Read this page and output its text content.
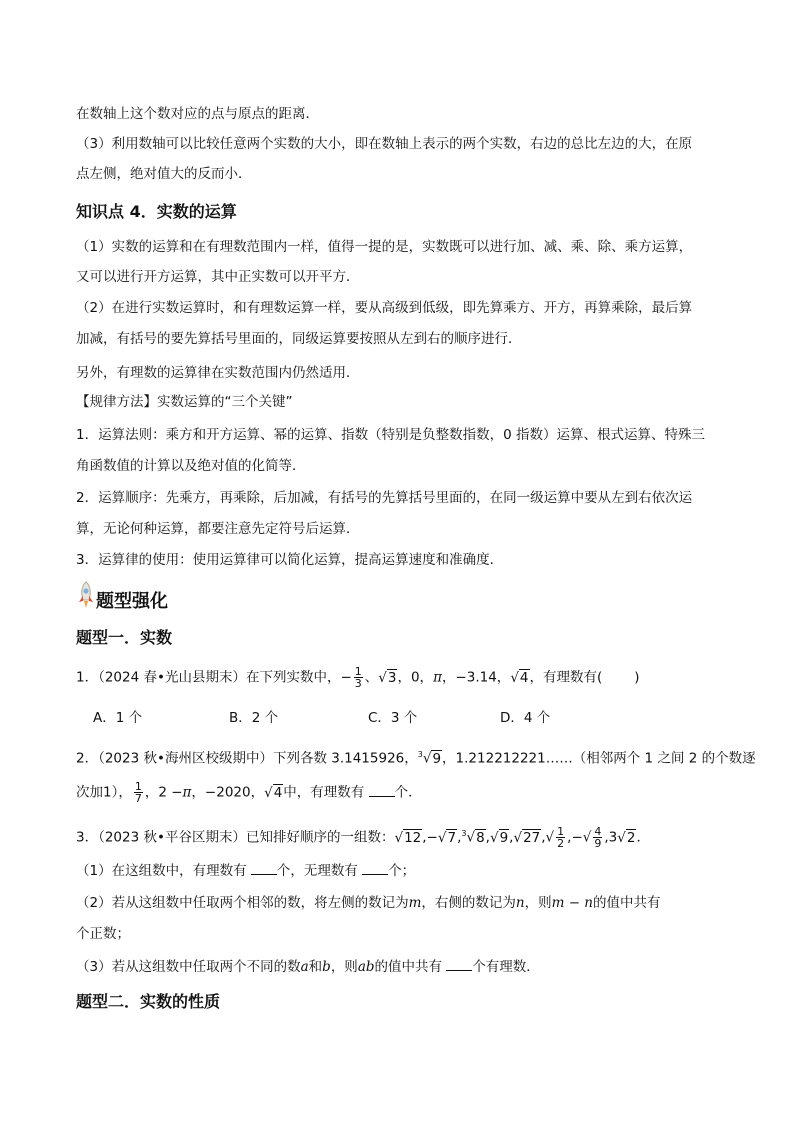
在数轴上这个数对应的点与原点的距离．
（3）利用数轴可以比较任意两个实数的大小，即在数轴上表示的两个实数，右边的总比左边的大，在原
点左侧，绝对值大的反而小．
知识点 4．实数的运算
（1）实数的运算和在有理数范围内一样，值得一提的是，实数既可以进行加、减、乘、除、乘方运算，
又可以进行开方运算，其中正实数可以开平方．
（2）在进行实数运算时，和有理数运算一样，要从高级到低级，即先算乘方、开方，再算乘除，最后算
加减，有括号的要先算括号里面的，同级运算要按照从左到右的顺序进行．
另外，有理数的运算律在实数范围内仍然适用．
【规律方法】实数运算的“三个关键”
1．运算法则：乘方和开方运算、幂的运算、指数（特别是负整数指数，0 指数）运算、根式运算、特殊三
角函数值的计算以及绝对值的化简等．
2．运算顺序：先乘方，再乘除，后加减，有括号的先算括号里面的，在同一级运算中要从左到右依次运
算，无论何种运算，都要注意先定符号后运算．
3．运算律的使用：使用运算律可以简化运算，提高运算速度和准确度．
题型强化
题型一．实数
1．（2024 春•光山县期末）在下列实数中，− $\frac{1}{3}$ 、√3，0，π，−3.14，√4，有理数有( )
A．1 个	B．2 个	C．3 个	D．4 个
2．（2023 秋•海州区校级期中）下列各数 3.1415926，$^3$√9，1.212212221……（相邻两个 1 之间 2 的个数逐
次加1）， $\frac{1}{7}$ ，2 −π，−2020，√4中，有理数有 个．
3．（2023 秋•平谷区期末）已知排好顺序的一组数：$√12,-√7,^3√8,√9,√27,√ \frac{1}{2}$ ,−√ $\frac{4}{9} ,3√2$．
（1）在这组数中，有理数有 个，无理数有 个；
（2）若从这组数中任取两个相邻的数，将左侧的数记为m，右侧的数记为n，则m − n的值中共有
个正数；
（3）若从这组数中任取两个不同的数a和b，则ab的值中共有 个有理数．
题型二．实数的性质
